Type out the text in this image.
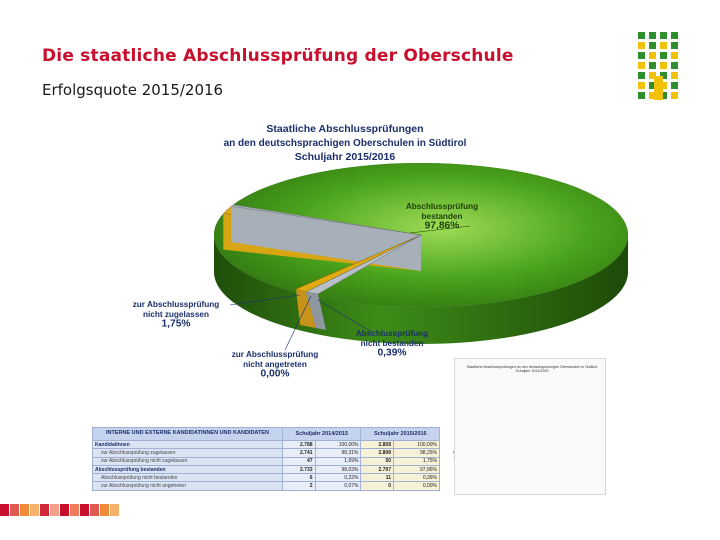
Die staatliche Abschlussprüfung der Oberschule
Erfolgsquote 2015/2016
Staatliche Abschlussprüfungen
an den deutschsprachigen Oberschulen in Südtirol
Schuljahr 2015/2016
Abschlussprüfung bestanden 97,86%
zur Abschlussprüfung nicht zugelassen 1,75%
Abschlussprüfung nicht bestanden 0,39%
zur Abschlussprüfung nicht angetreten 0,00%
INTERNE UND EXTERNE KANDIDATINNEN UND KANDIDATEN	Schuljahr 2014/2015		Schuljahr 2015/2016	
KandidatInnen	2.788	100,00%	2.858	100,00%
zur Abschlussprüfung zugelassen	2.741	98,31%	2.808	98,25%
zur Abschlussprüfung nicht zugelassen	47	1,69%	50	1,75%
Abschlussprüfung bestanden	2.733	98,03%	2.797	97,86%
Abschlussprüfung nicht bestanden	6	0,22%	11	0,39%
zur Abschlussprüfung nicht angetreten	2	0,07%	0	0,00%
Staatliche Abschlussprüfungen an den deutschsprachigen Oberschulen in Südtirol
Schuljahr 2014/2015
